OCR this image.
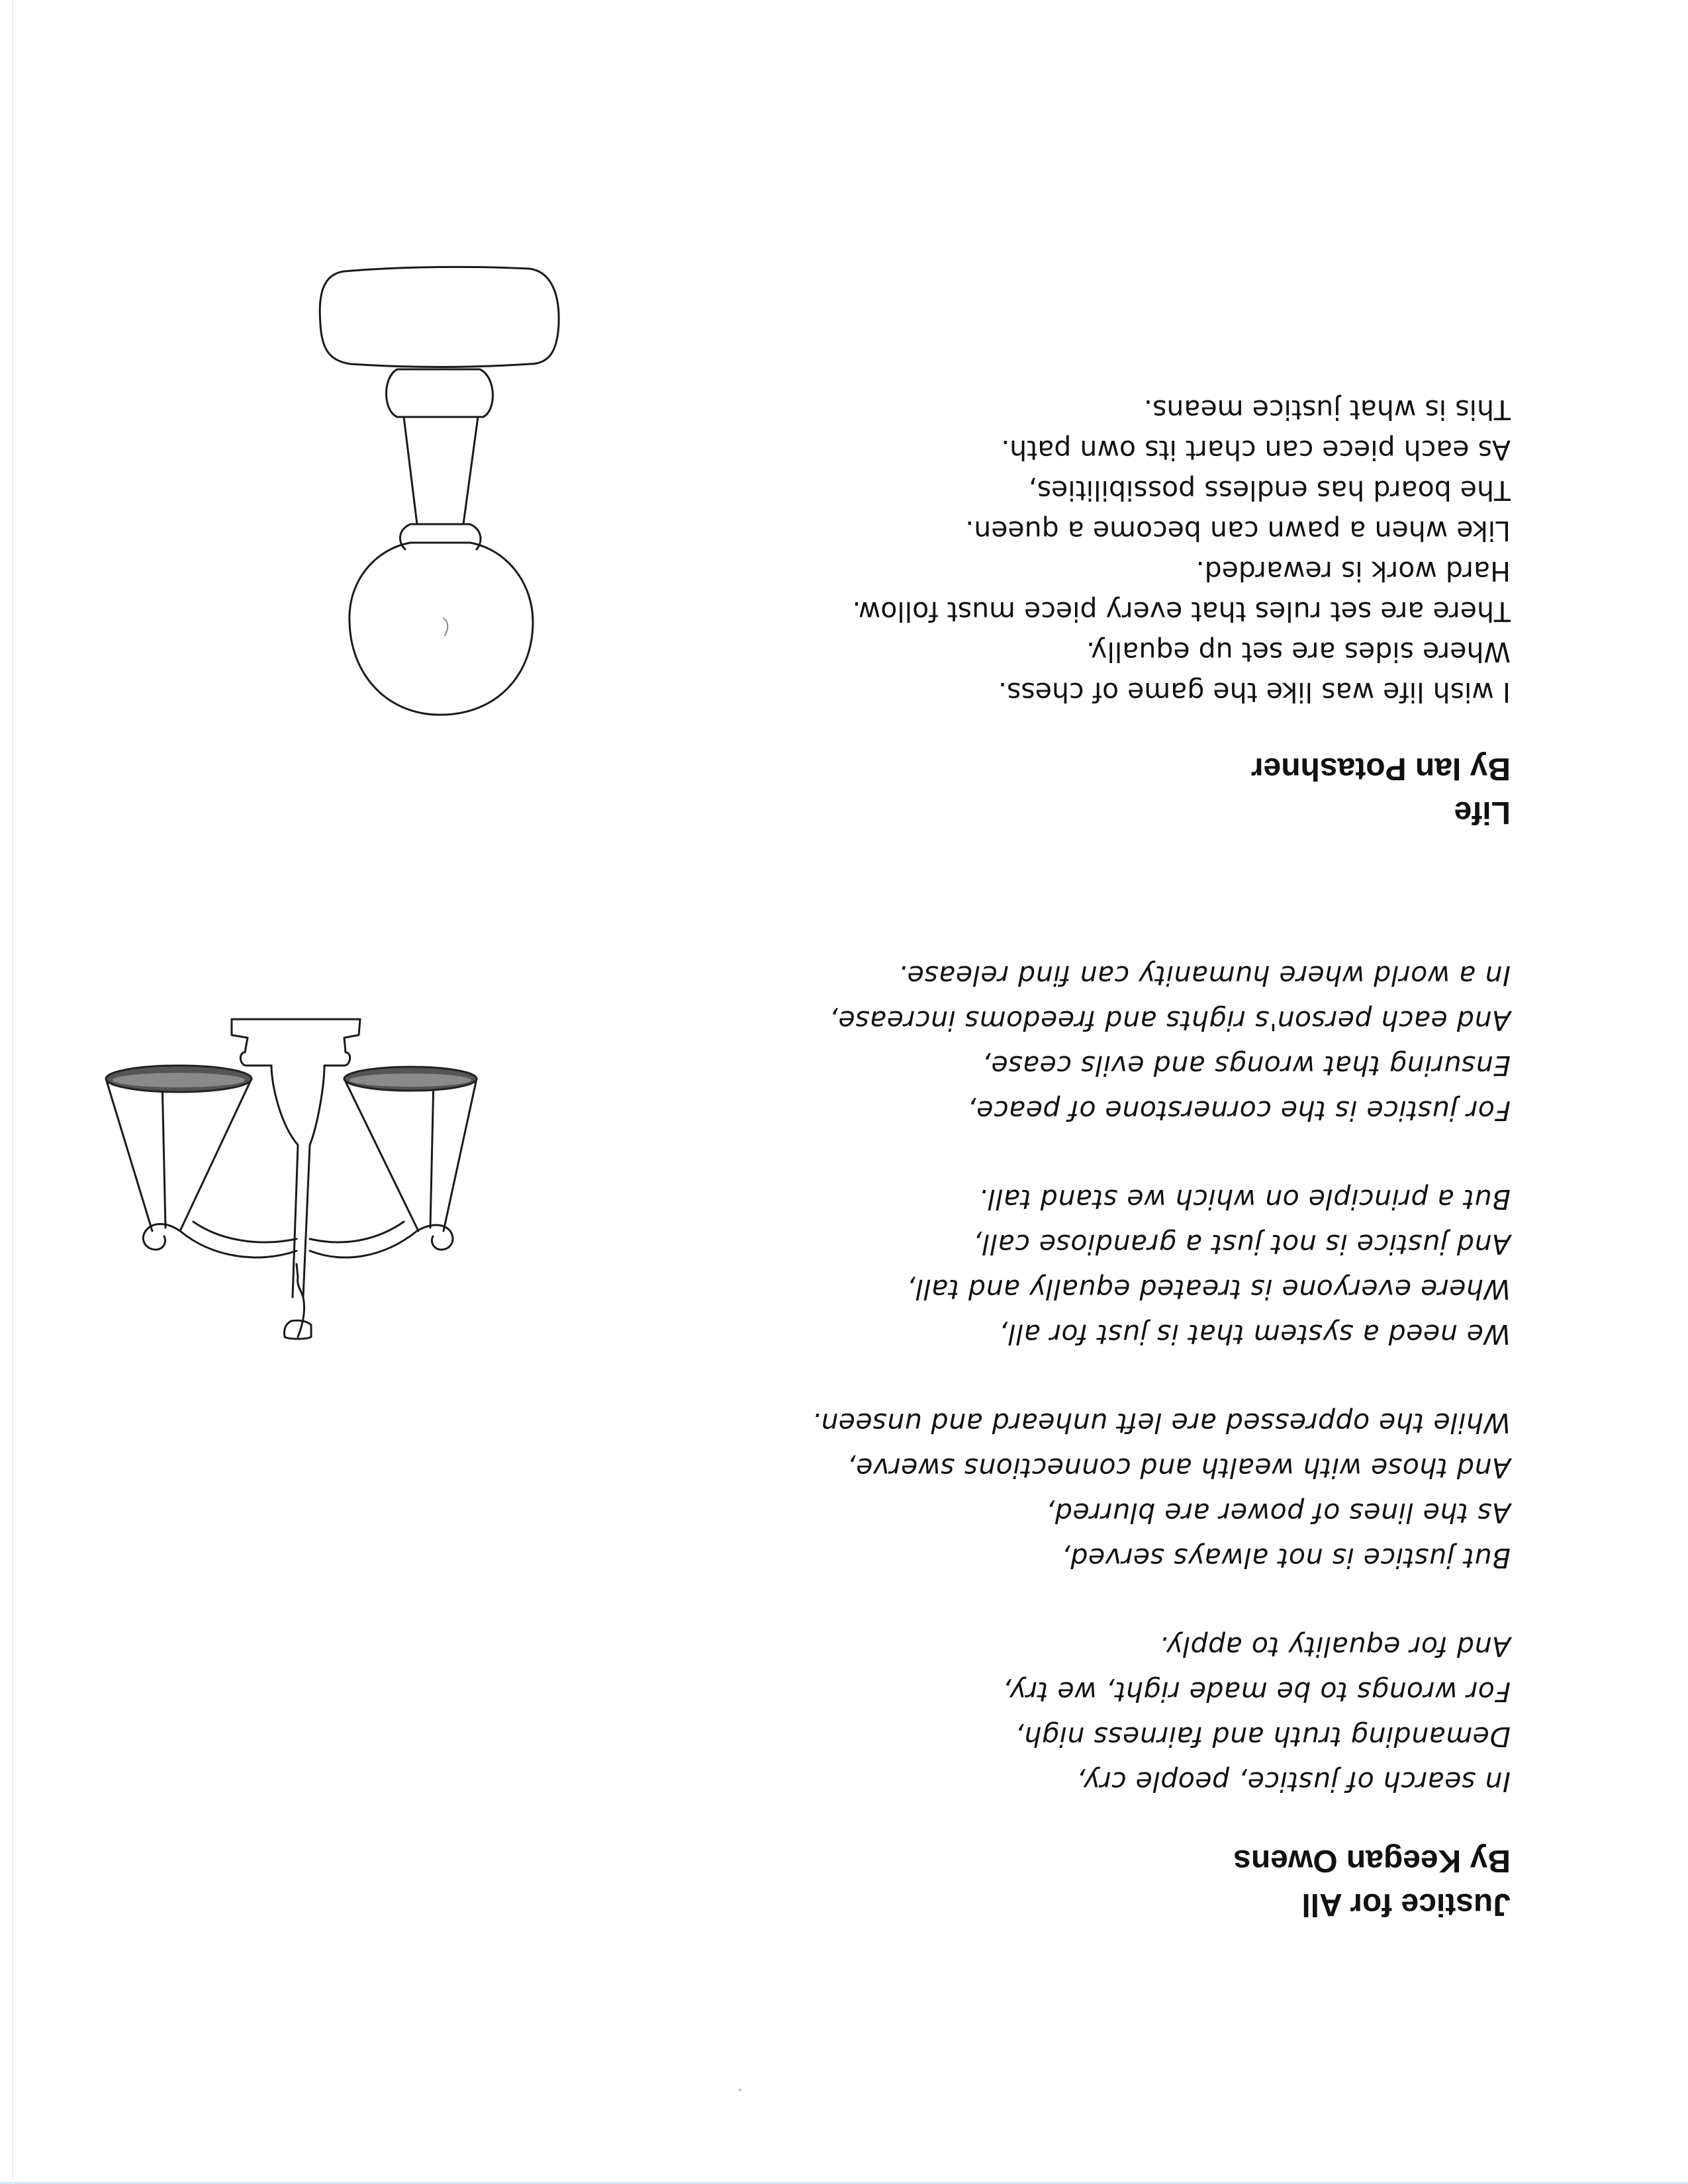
Justice for All

By Keegan Owens

In search of justice, people cry,
Demanding truth and fairness nigh,
For wrongs to be made right, we try,
And for equality to apply.
But justice is not always served,
As the lines of power are blurred,
And those with wealth and connections swerve,
While the oppressed are left unheard and unseen.
We need a system that is just for all,
Where everyone is treated equally and tall,
And justice is not just a grandiose call,
But a principle on which we stand tall.
For justice is the cornerstone of peace,
Ensuring that wrongs and evils cease,
And each person's rights and freedoms increase,
In a world where humanity can find release.

Life

By Ian Potashner

I wish life was like the game of chess.
Where sides are set up equally.
There are set rules that every piece must follow.
Hard work is rewarded.
Like when a pawn can become a queen.
The board has endless possibilities,
As each piece can chart its own path.
This is what justice means.
